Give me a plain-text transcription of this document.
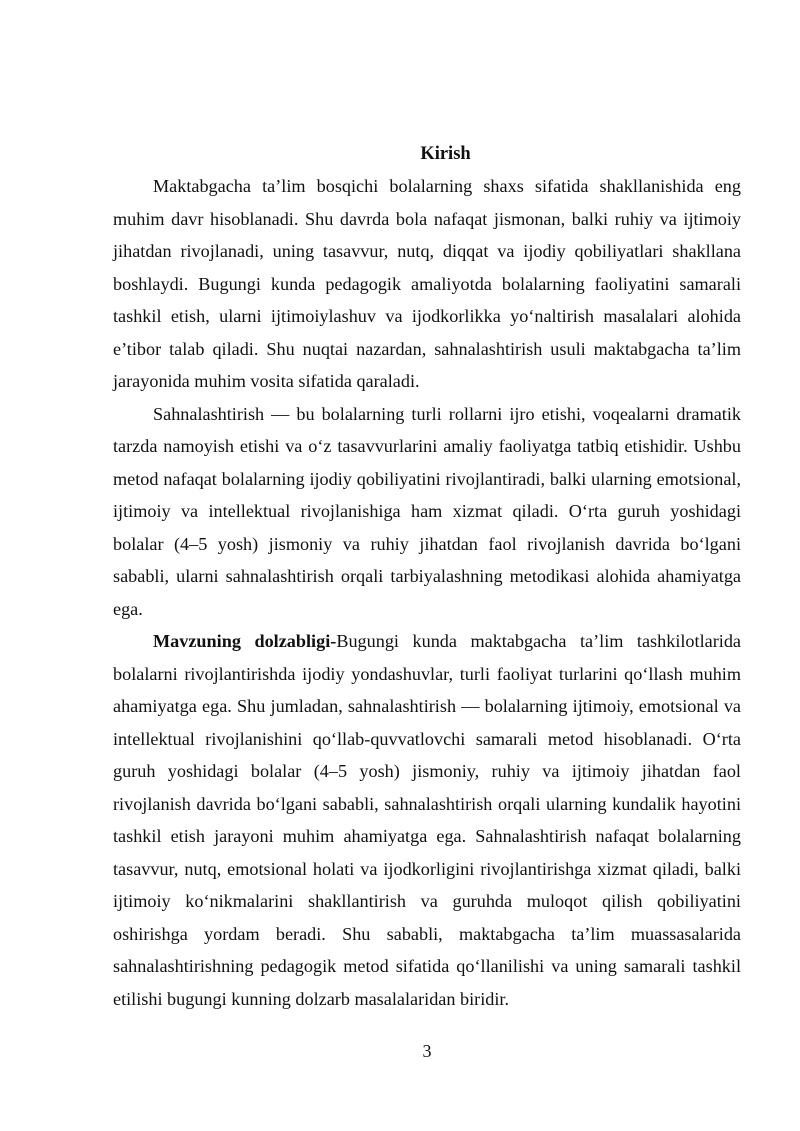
Kirish

Maktabgacha ta’lim bosqichi bolalarning shaxs sifatida shakllanishida eng muhim davr hisoblanadi. Shu davrda bola nafaqat jismonan, balki ruhiy va ijtimoiy jihatdan rivojlanadi, uning tasavvur, nutq, diqqat va ijodiy qobiliyatlari shakllana boshlaydi. Bugungi kunda pedagogik amaliyotda bolalarning faoliyatini samarali tashkil etish, ularni ijtimoiylashuv va ijodkorlikka yo‘naltirish masalalari alohida e’tibor talab qiladi. Shu nuqtai nazardan, sahnalashtirish usuli maktabgacha ta’lim jarayonida muhim vosita sifatida qaraladi.

Sahnalashtirish — bu bolalarning turli rollarni ijro etishi, voqealarni dramatik tarzda namoyish etishi va o‘z tasavvurlarini amaliy faoliyatga tatbiq etishidir. Ushbu metod nafaqat bolalarning ijodiy qobiliyatini rivojlantiradi, balki ularning emotsional, ijtimoiy va intellektual rivojlanishiga ham xizmat qiladi. O‘rta guruh yoshidagi bolalar (4–5 yosh) jismoniy va ruhiy jihatdan faol rivojlanish davrida bo‘lgani sababli, ularni sahnalashtirish orqali tarbiyalashning metodikasi alohida ahamiyatga ega.

Mavzuning dolzabligi-Bugungi kunda maktabgacha ta’lim tashkilotlarida bolalarni rivojlantirishda ijodiy yondashuvlar, turli faoliyat turlarini qo‘llash muhim ahamiyatga ega. Shu jumladan, sahnalashtirish — bolalarning ijtimoiy, emotsional va intellektual rivojlanishini qo‘llab-quvvatlovchi samarali metod hisoblanadi. O‘rta guruh yoshidagi bolalar (4–5 yosh) jismoniy, ruhiy va ijtimoiy jihatdan faol rivojlanish davrida bo‘lgani sababli, sahnalashtirish orqali ularning kundalik hayotini tashkil etish jarayoni muhim ahamiyatga ega. Sahnalashtirish nafaqat bolalarning tasavvur, nutq, emotsional holati va ijodkorligini rivojlantirishga xizmat qiladi, balki ijtimoiy ko‘nikmalarini shakllantirish va guruhda muloqot qilish qobiliyatini oshirishga yordam beradi. Shu sababli, maktabgacha ta’lim muassasalarida sahnalashtirishning pedagogik metod sifatida qo‘llanilishi va uning samarali tashkil etilishi bugungi kunning dolzarb masalalaridan biridir.

3
